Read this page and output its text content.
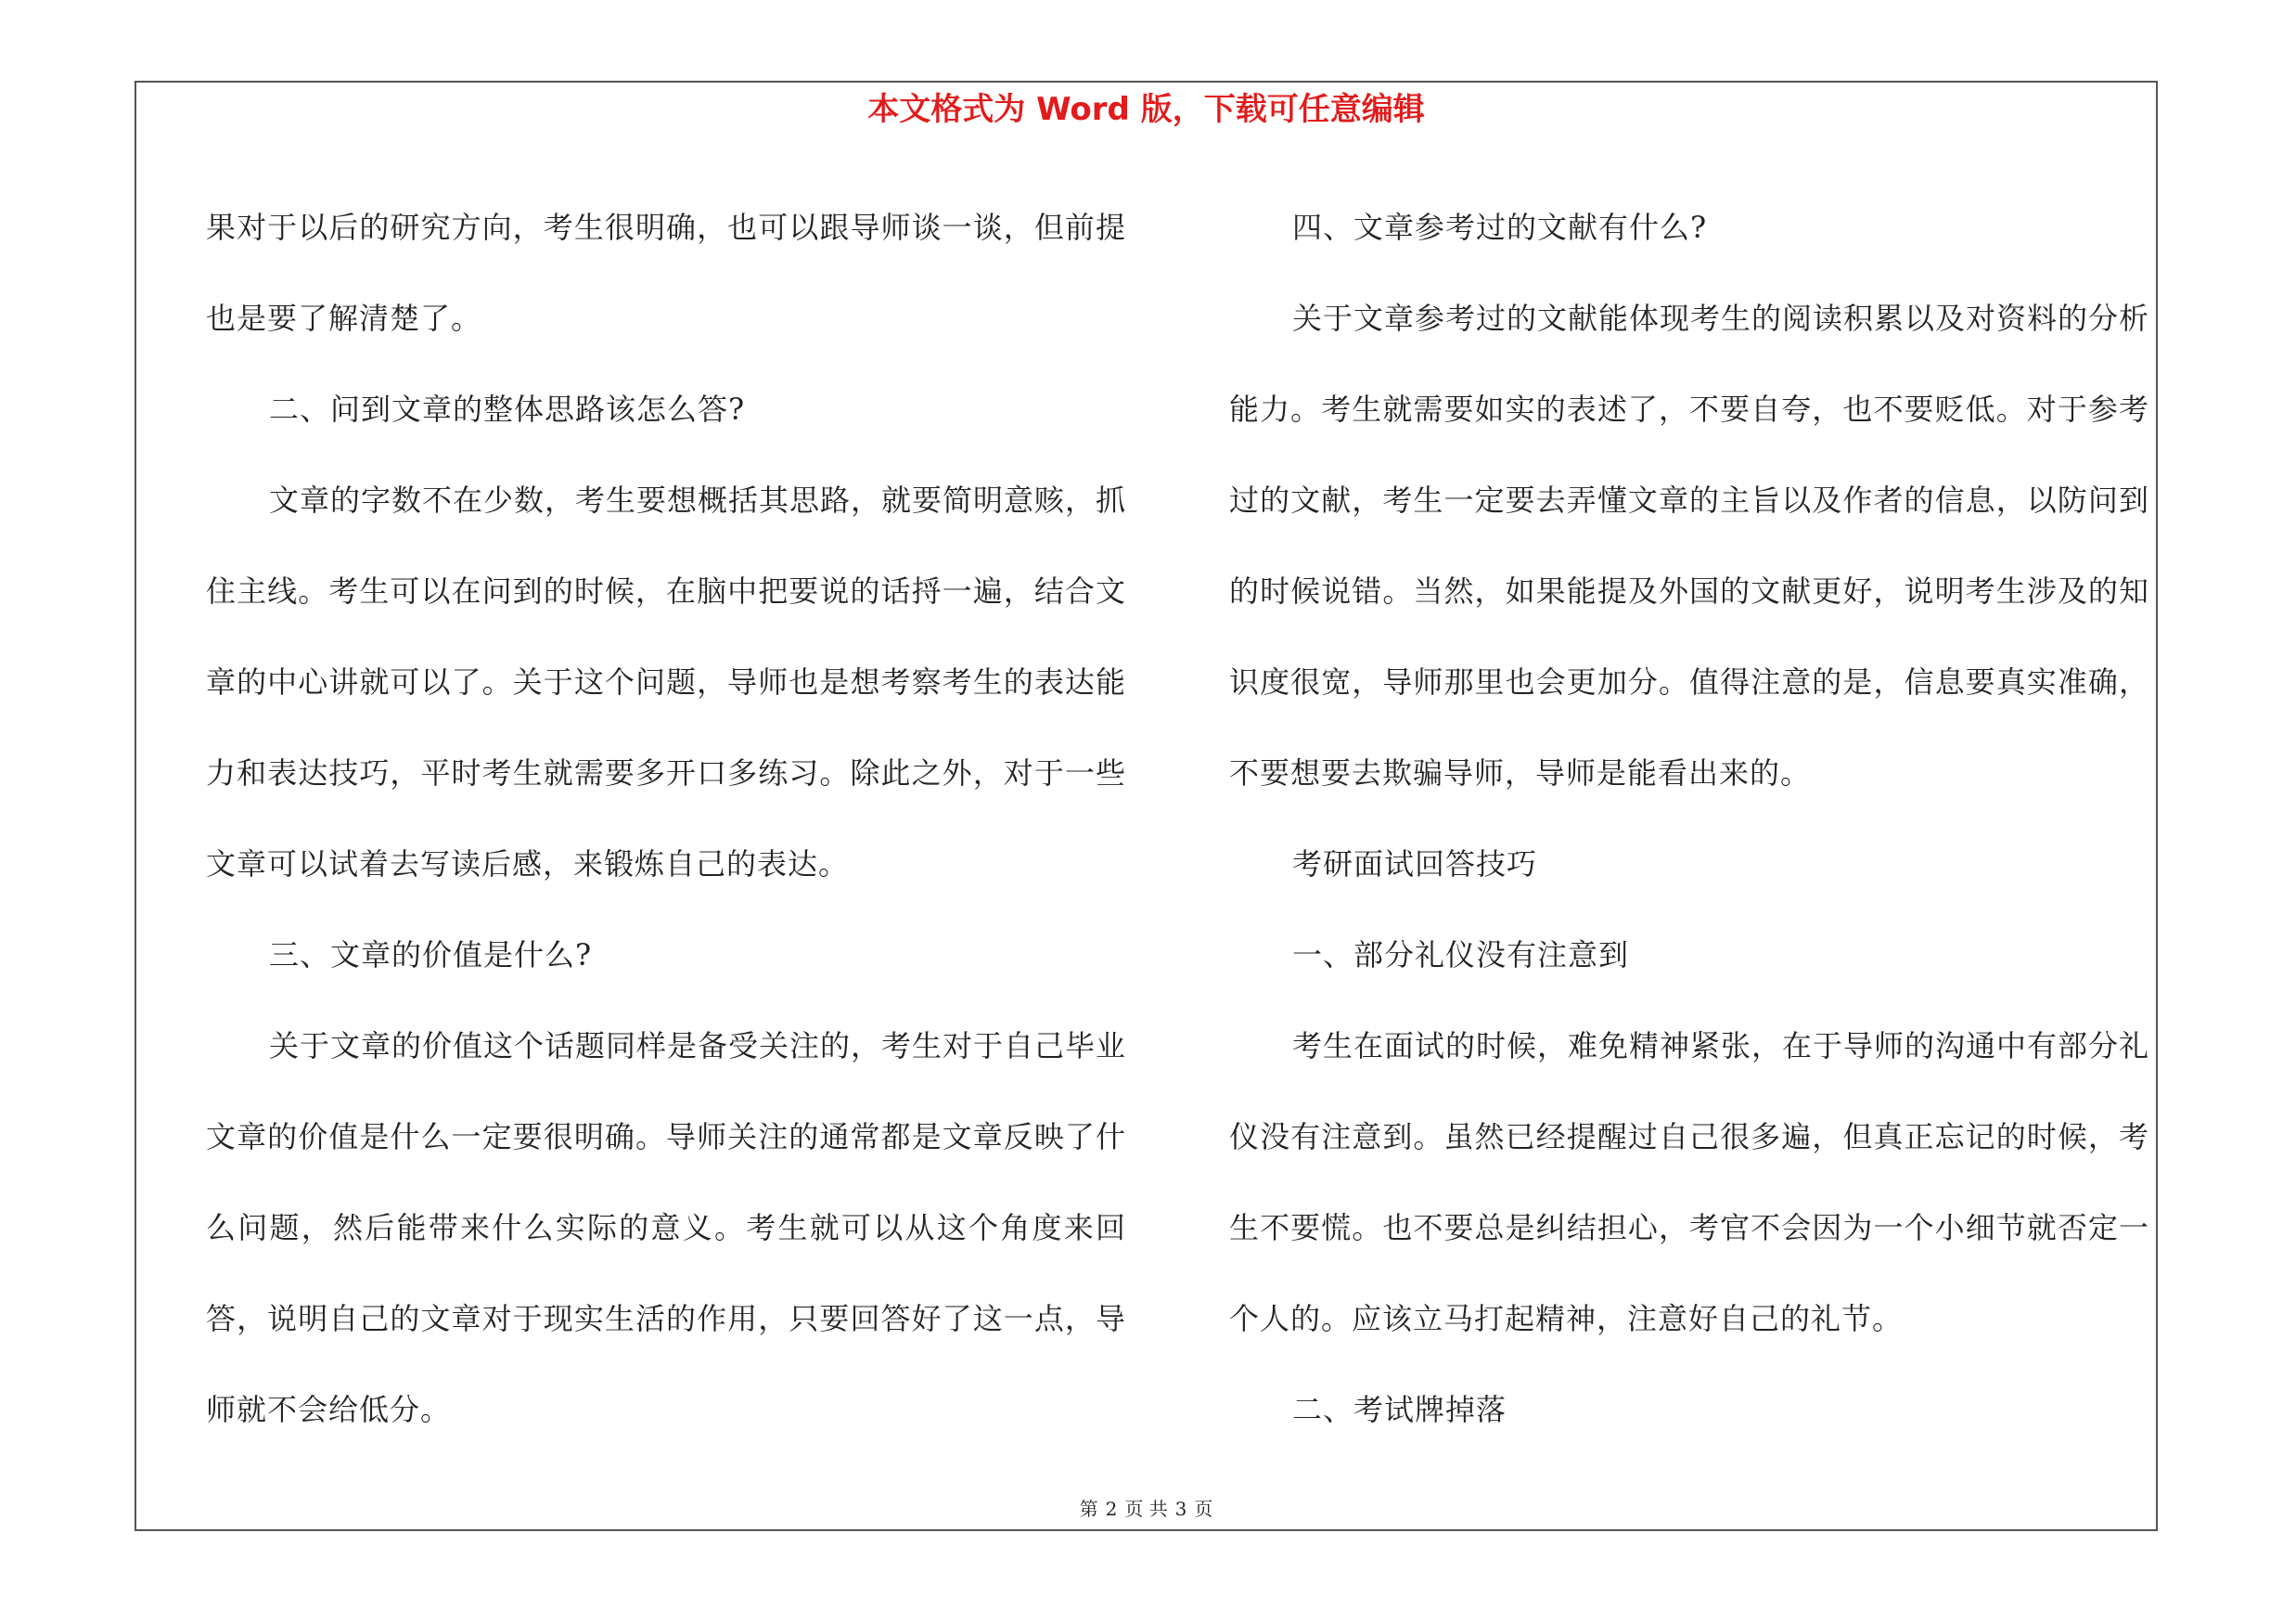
本文格式为 Word 版，下载可任意编辑

果对于以后的研究方向，考生很明确，也可以跟导师谈一谈，但前提也是要了解清楚了。

二、问到文章的整体思路该怎么答?

文章的字数不在少数，考生要想概括其思路，就要简明意赅，抓住主线。考生可以在问到的时候，在脑中把要说的话捋一遍，结合文章的中心讲就可以了。关于这个问题，导师也是想考察考生的表达能力和表达技巧，平时考生就需要多开口多练习。除此之外，对于一些文章可以试着去写读后感，来锻炼自己的表达。

三、文章的价值是什么?

关于文章的价值这个话题同样是备受关注的，考生对于自己毕业文章的价值是什么一定要很明确。导师关注的通常都是文章反映了什么问题，然后能带来什么实际的意义。考生就可以从这个角度来回答，说明自己的文章对于现实生活的作用，只要回答好了这一点，导师就不会给低分。

四、文章参考过的文献有什么?

关于文章参考过的文献能体现考生的阅读积累以及对资料的分析能力。考生就需要如实的表述了，不要自夸，也不要贬低。对于参考过的文献，考生一定要去弄懂文章的主旨以及作者的信息，以防问到的时候说错。当然，如果能提及外国的文献更好，说明考生涉及的知识度很宽，导师那里也会更加分。值得注意的是，信息要真实准确，不要想要去欺骗导师，导师是能看出来的。

考研面试回答技巧

一、部分礼仪没有注意到

考生在面试的时候，难免精神紧张，在于导师的沟通中有部分礼仪没有注意到。虽然已经提醒过自己很多遍，但真正忘记的时候，考生不要慌。也不要总是纠结担心，考官不会因为一个小细节就否定一个人的。应该立马打起精神，注意好自己的礼节。

二、考试牌掉落

第 2 页 共 3 页
